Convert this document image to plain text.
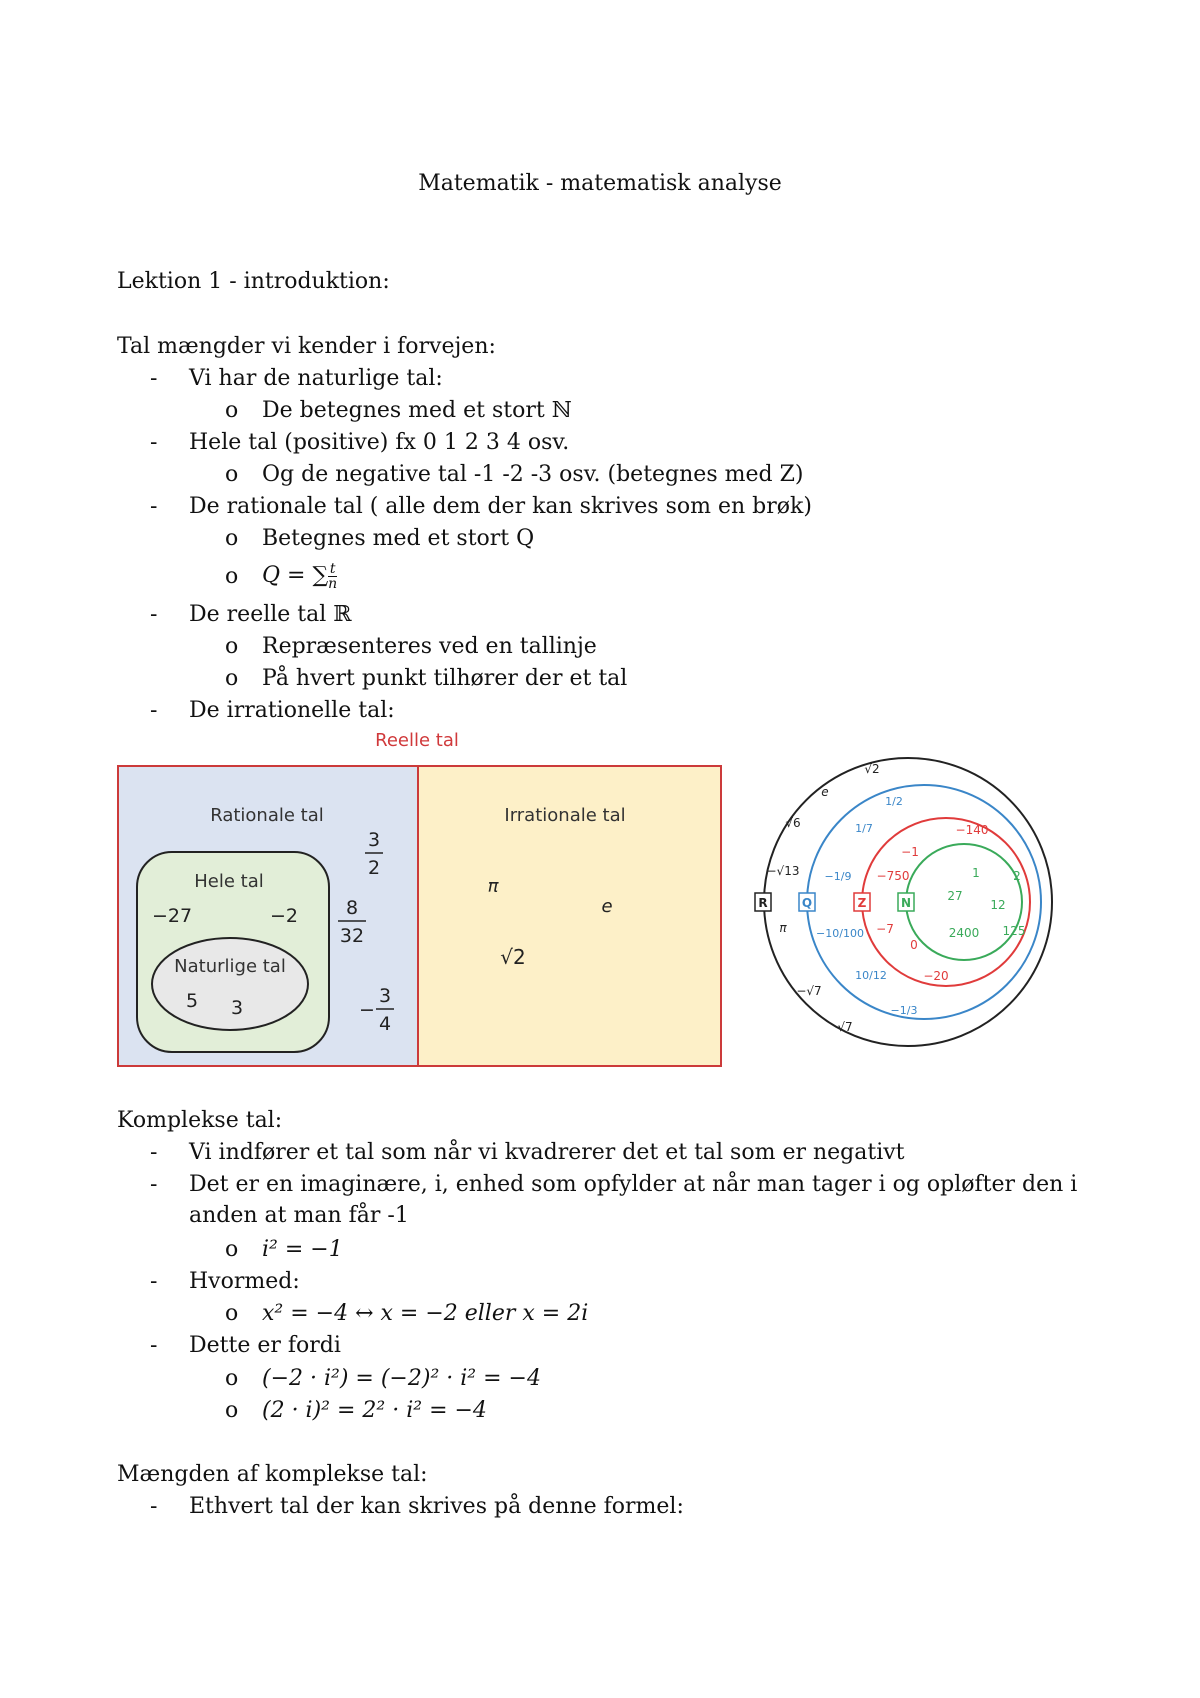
Matematik - matematisk analyse
Lektion 1 - introduktion:
Tal mængder vi kender i forvejen:
- Vi har de naturlige tal:
o De betegnes med et stort ℕ
- Hele tal (positive) fx 0 1 2 3 4 osv.
o Og de negative tal -1 -2 -3 osv. (betegnes med Z)
- De rationale tal ( alle dem der kan skrives som en brøk)
o Betegnes med et stort Q
o Q = ∑ $\frac{t}{n}$
- De reelle tal ℝ
o Repræsenteres ved en tallinje
o På hvert punkt tilhører der et tal
- De irrationelle tal:
Reelle tal
Rationale tal	Irrationale tal
Hele tal
−27	−2
Naturlige tal
5 3
3
2
8
32
−
3
4
π
e
√2
R	Q	Z	N
√2
e
√6
−√13
π
−√7
√7
1/2
1/7
−1/9
−10/100
10/12
−1/3
−140
−1
−750
−7
0
−20
1	2
27
12
2400 125
Komplekse tal:
- Vi indfører et tal som når vi kvadrerer det et tal som er negativt
- Det er en imaginære, i, enhed som opfylder at når man tager i og opløfter den i
anden at man får -1
o i² = −1
- Hvormed:
o x² = −4 ↔ x = −2 eller x = 2i
- Dette er fordi
o (−2 · i²) = (−2)² · i² = −4
o (2 · i)² = 2² · i² = −4
Mængden af komplekse tal:
- Ethvert tal der kan skrives på denne formel:
